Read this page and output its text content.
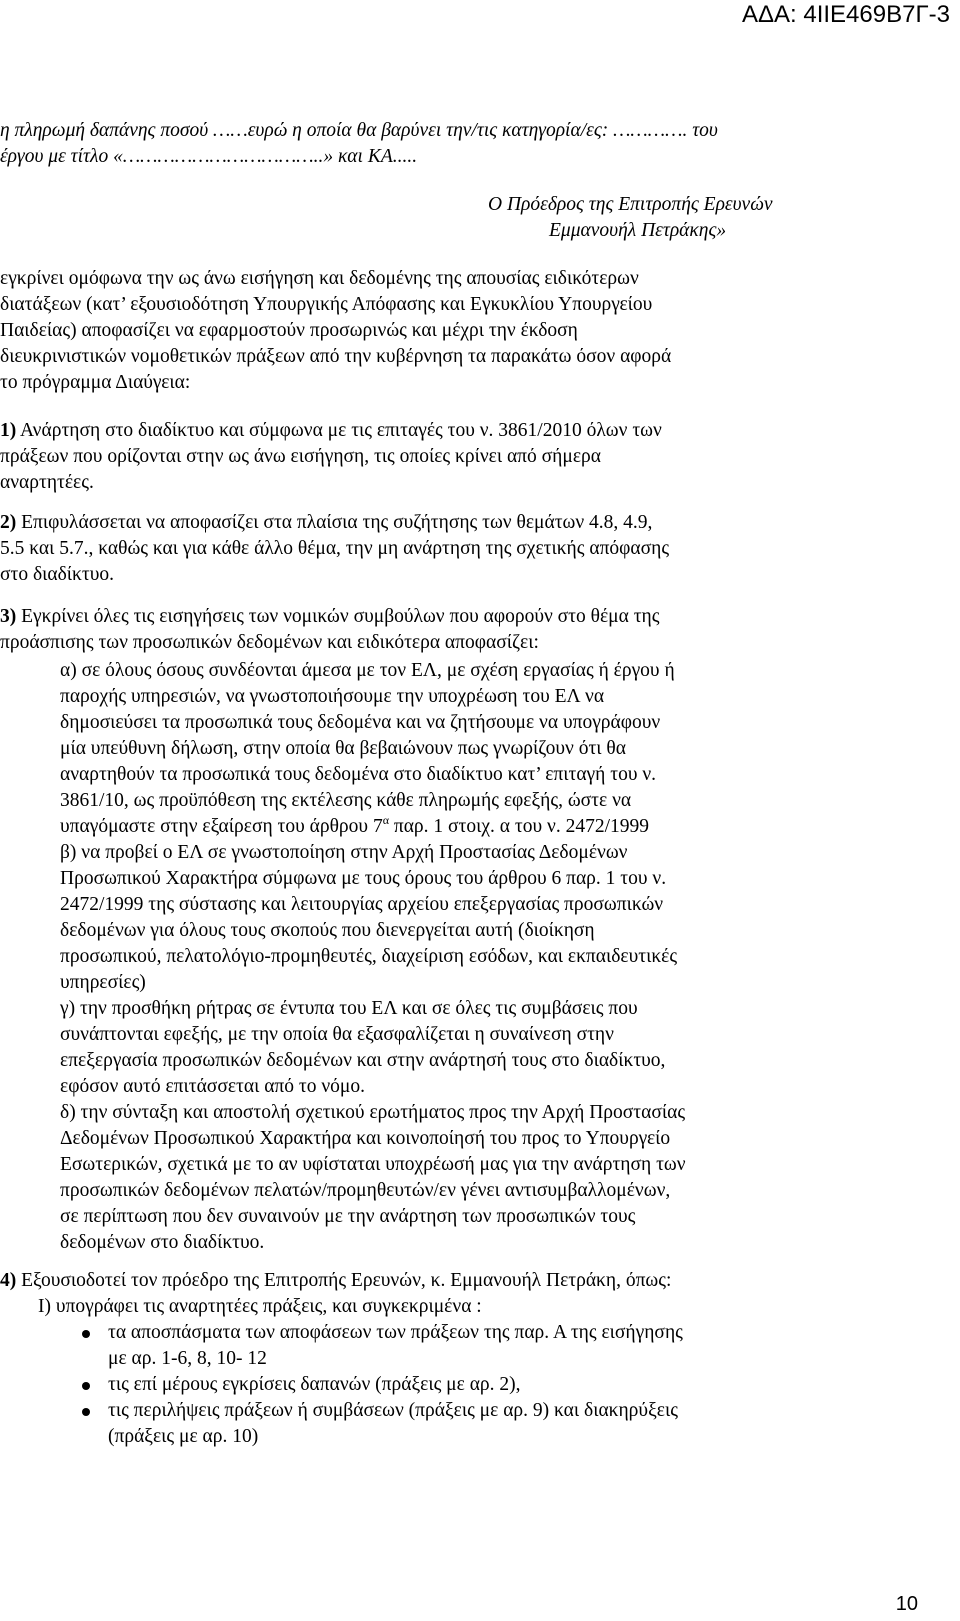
ΑΔΑ: 4ΙΙΕ469Β7Γ-3
η πληρωμή δαπάνης ποσού ……ευρώ η οποία θα βαρύνει την/τις κατηγορία/ες: …………. του
έργου με τίτλο «……………………………..» και ΚΑ.....
Ο Πρόεδρος της Επιτροπής Ερευνών
Εμμανουήλ Πετράκης»
εγκρίνει ομόφωνα την ως άνω εισήγηση και δεδομένης της απουσίας ειδικότερων
διατάξεων (κατ’ εξουσιοδότηση Υπουργικής Απόφασης και Εγκυκλίου Υπουργείου
Παιδείας) αποφασίζει να εφαρμοστούν προσωρινώς και μέχρι την έκδοση
διευκρινιστικών νομοθετικών πράξεων από την κυβέρνηση τα παρακάτω όσον αφορά
το πρόγραμμα Διαύγεια:
1) Ανάρτηση στο διαδίκτυο και σύμφωνα με τις επιταγές του ν. 3861/2010 όλων των
πράξεων που ορίζονται στην ως άνω εισήγηση, τις οποίες κρίνει από σήμερα
αναρτητέες.
2) Επιφυλάσσεται να αποφασίζει στα πλαίσια της συζήτησης των θεμάτων 4.8, 4.9,
5.5 και 5.7., καθώς και για κάθε άλλο θέμα, την μη ανάρτηση της σχετικής απόφασης
στο διαδίκτυο.
3) Εγκρίνει όλες τις εισηγήσεις των νομικών συμβούλων που αφορούν στο θέμα της
προάσπισης των προσωπικών δεδομένων και ειδικότερα αποφασίζει:
α) σε όλους όσους συνδέονται άμεσα με τον ΕΛ, με σχέση εργασίας ή έργου ή
παροχής υπηρεσιών, να γνωστοποιήσουμε την υποχρέωση του ΕΛ να
δημοσιεύσει τα προσωπικά τους δεδομένα και να ζητήσουμε να υπογράφουν
μία υπεύθυνη δήλωση, στην οποία θα βεβαιώνουν πως γνωρίζουν ότι θα
αναρτηθούν τα προσωπικά τους δεδομένα στο διαδίκτυο κατ’ επιταγή του ν.
3861/10, ως προϋπόθεση της εκτέλεσης κάθε πληρωμής εφεξής, ώστε να
υπαγόμαστε στην εξαίρεση του άρθρου $7^\alpha$ παρ. 1 στοιχ. α του ν. 2472/1999
β) να προβεί ο ΕΛ σε γνωστοποίηση στην Αρχή Προστασίας Δεδομένων
Προσωπικού Χαρακτήρα σύμφωνα με τους όρους του άρθρου 6 παρ. 1 του ν.
2472/1999 της σύστασης και λειτουργίας αρχείου επεξεργασίας προσωπικών
δεδομένων για όλους τους σκοπούς που διενεργείται αυτή (διοίκηση
προσωπικού, πελατολόγιο-προμηθευτές, διαχείριση εσόδων, και εκπαιδευτικές
υπηρεσίες)
γ) την προσθήκη ρήτρας σε έντυπα του ΕΛ και σε όλες τις συμβάσεις που
συνάπτονται εφεξής, με την οποία θα εξασφαλίζεται η συναίνεση στην
επεξεργασία προσωπικών δεδομένων και στην ανάρτησή τους στο διαδίκτυο,
εφόσον αυτό επιτάσσεται από το νόμο.
δ) την σύνταξη και αποστολή σχετικού ερωτήματος προς την Αρχή Προστασίας
Δεδομένων Προσωπικού Χαρακτήρα και κοινοποίησή του προς το Υπουργείο
Εσωτερικών, σχετικά με το αν υφίσταται υποχρέωσή μας για την ανάρτηση των
προσωπικών δεδομένων πελατών/προμηθευτών/εν γένει αντισυμβαλλομένων,
σε περίπτωση που δεν συναινούν με την ανάρτηση των προσωπικών τους
δεδομένων στο διαδίκτυο.
4) Εξουσιοδοτεί τον πρόεδρο της Επιτροπής Ερευνών, κ. Εμμανουήλ Πετράκη, όπως:
Ι) υπογράφει τις αναρτητέες πράξεις, και συγκεκριμένα :
τα αποσπάσματα των αποφάσεων των πράξεων της παρ. Α της εισήγησης
με αρ. 1-6, 8, 10- 12
τις επί μέρους εγκρίσεις δαπανών (πράξεις με αρ. 2),
τις περιλήψεις πράξεων ή συμβάσεων (πράξεις με αρ. 9) και διακηρύξεις
(πράξεις με αρ. 10)
10
